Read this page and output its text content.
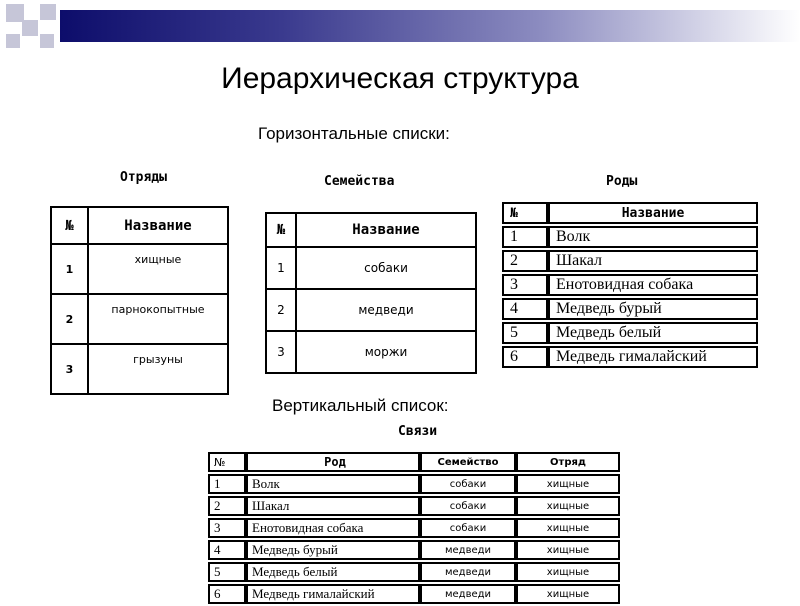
Иерархическая структура
Горизонтальные списки:
Отряды
№	Название
1	хищные
2	парнокопытные
3	грызуны
Семейства
№	Название
1	собаки
2	медведи
3	моржи
Роды
№	Название
1	Волк
2	Шакал
3	Енотовидная собака
4	Медведь бурый
5	Медведь белый
6	Медведь гималайский
Вертикальный список:
Связи
№	Род	Семейство	Отряд
1	Волк	собаки	хищные
2	Шакал	собаки	хищные
3	Енотовидная собака	собаки	хищные
4	Медведь бурый	медведи	хищные
5	Медведь белый	медведи	хищные
6	Медведь гималайский	медведи	хищные
